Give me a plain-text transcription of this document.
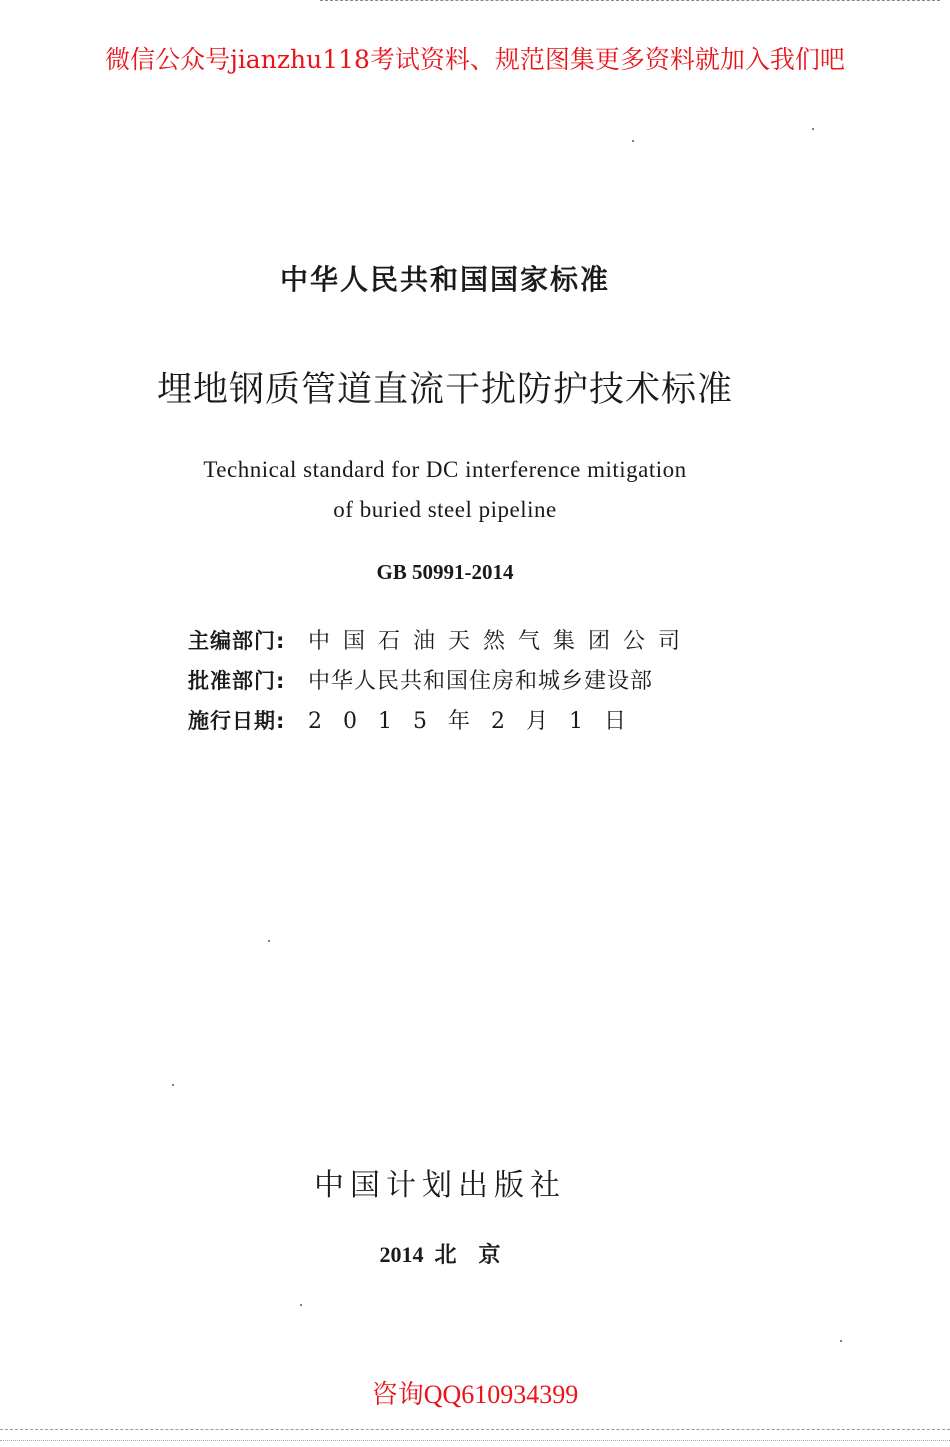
微信公众号jianzhu118考试资料、规范图集更多资料就加入我们吧
中华人民共和国国家标准
埋地钢质管道直流干扰防护技术标准
Technical standard for DC interference mitigation
of buried steel pipeline
GB 50991-2014
主编部门:	中国石油天然气集团公司
批准部门:	中华人民共和国住房和城乡建设部
施行日期:	2015年2月1日
中国计划出版社
2014  北    京
咨询QQ610934399
